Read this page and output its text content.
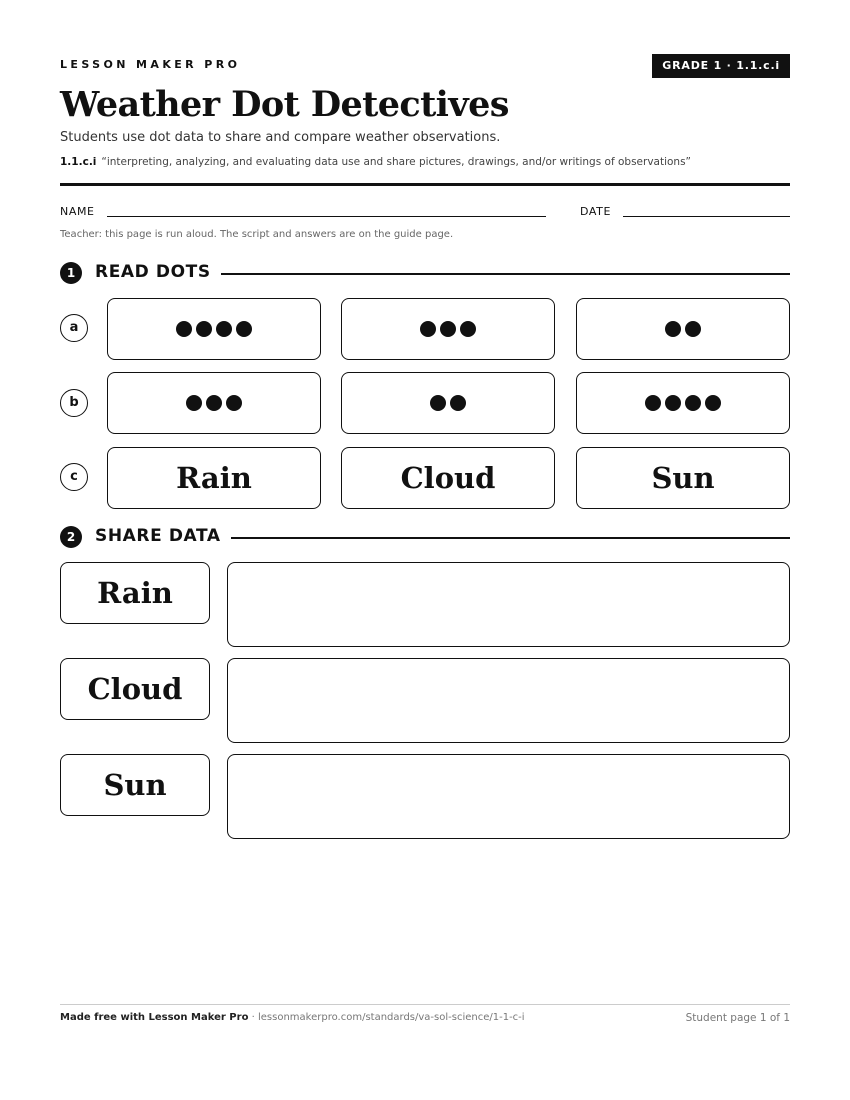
LESSON MAKER PRO	GRADE 1 · 1.1.c.i
Weather Dot Detectives
Students use dot data to share and compare weather observations.
1.1.c.i “interpreting, analyzing, and evaluating data use and share pictures, drawings, and/or writings of observations”
NAME	DATE
Teacher: this page is run aloud. The script and answers are on the guide page.
1	READ DOTS
a
b
c	Rain	Cloud	Sun
2	SHARE DATA
Rain
Cloud
Sun
Made free with Lesson Maker Pro · lessonmakerpro.com/standards/va-sol-science/1-1-c-i	Student page 1 of 1
